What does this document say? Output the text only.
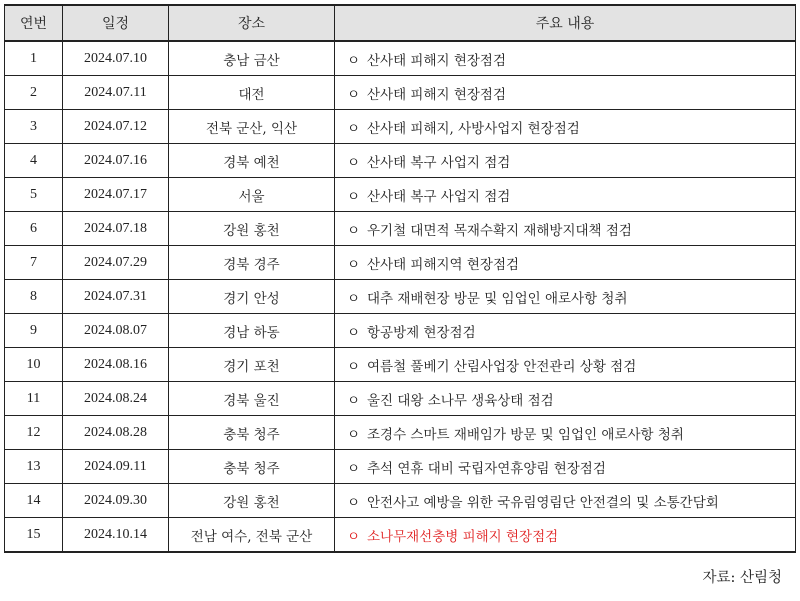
연번	일정	장소	주요 내용
1	2024.07.10	충남 금산	ㅇ 산사태 피해지 현장점검
2	2024.07.11	대전	ㅇ 산사태 피해지 현장점검
3	2024.07.12	전북 군산, 익산	ㅇ 산사태 피해지, 사방사업지 현장점검
4	2024.07.16	경북 예천	ㅇ 산사태 복구 사업지 점검
5	2024.07.17	서울	ㅇ 산사태 복구 사업지 점검
6	2024.07.18	강원 홍천	ㅇ 우기철 대면적 목재수확지 재해방지대책 점검
7	2024.07.29	경북 경주	ㅇ 산사태 피해지역 현장점검
8	2024.07.31	경기 안성	ㅇ 대추 재배현장 방문 및 임업인 애로사항 청취
9	2024.08.07	경남 하동	ㅇ 항공방제 현장점검
10	2024.08.16	경기 포천	ㅇ 여름철 풀베기 산림사업장 안전관리 상황 점검
11	2024.08.24	경북 울진	ㅇ 울진 대왕 소나무 생육상태 점검
12	2024.08.28	충북 청주	ㅇ 조경수 스마트 재배임가 방문 및 임업인 애로사항 청취
13	2024.09.11	충북 청주	ㅇ 추석 연휴 대비 국립자연휴양림 현장점검
14	2024.09.30	강원 홍천	ㅇ 안전사고 예방을 위한 국유림영림단 안전결의 및 소통간담회
15	2024.10.14	전남 여수, 전북 군산	ㅇ 소나무재선충병 피해지 현장점검
자료: 산림청
